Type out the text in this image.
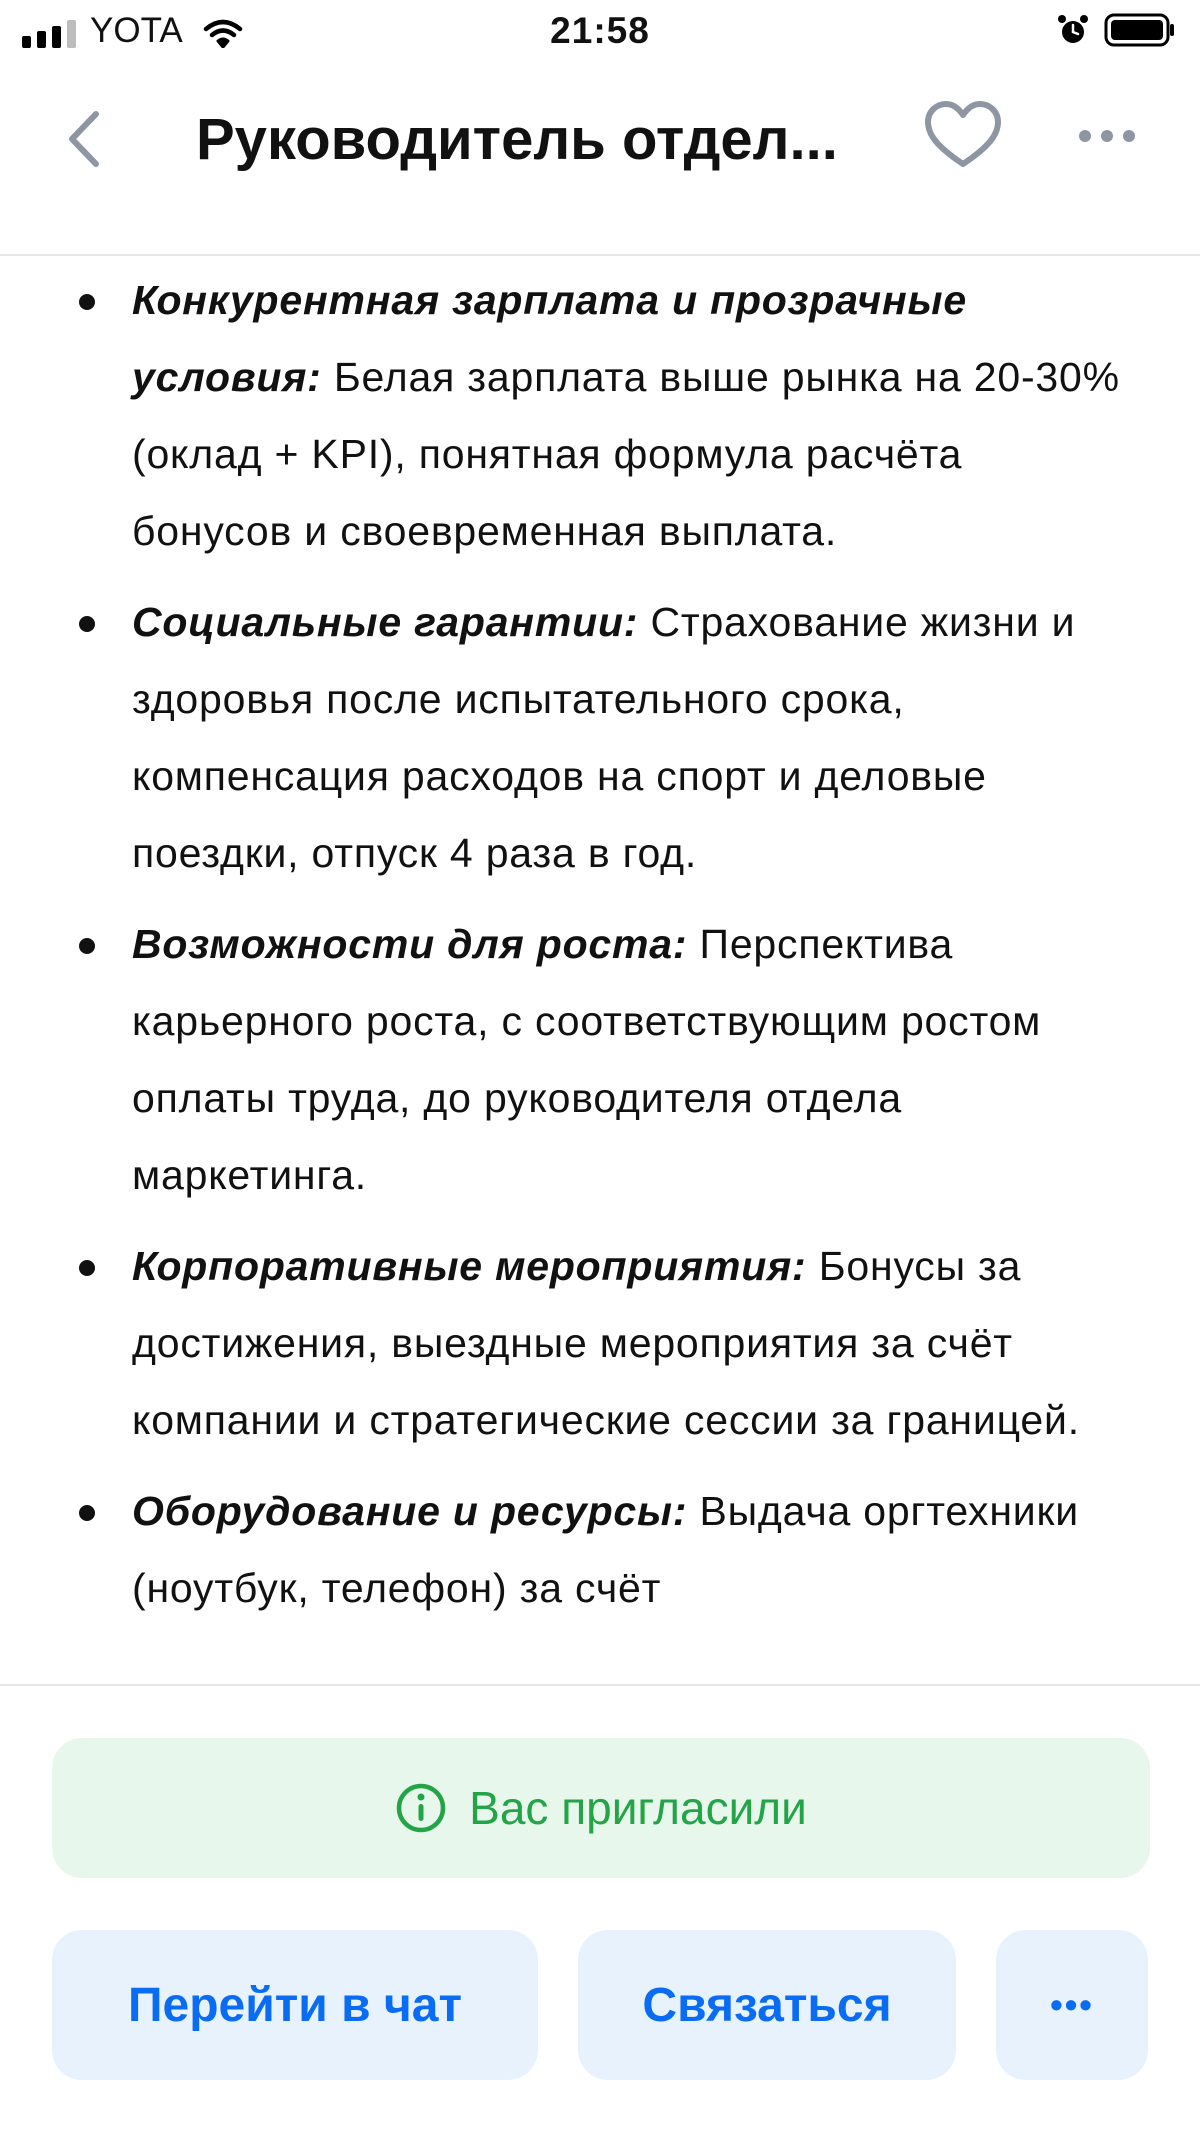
YOTA	21:58
Руководитель отдел...
Конкурентная зарплата и прозрачные условия: Белая зарплата выше рынка на 20-30% (оклад + KPI), понятная формула расчёта бонусов и своевременная выплата.
Социальные гарантии: Страхование жизни и здоровья после испытательного срока, компенсация расходов на спорт и деловые поездки, отпуск 4 раза в год.
Возможности для роста: Перспектива карьерного роста, с соответствующим ростом оплаты труда, до руководителя отдела маркетинга.
Корпоративные мероприятия: Бонусы за достижения, выездные мероприятия за счёт компании и стратегические сессии за границей.
Оборудование и ресурсы: Выдача оргтехники (ноутбук, телефон) за счёт
Вас пригласили
Перейти в чат	Связаться	•••
